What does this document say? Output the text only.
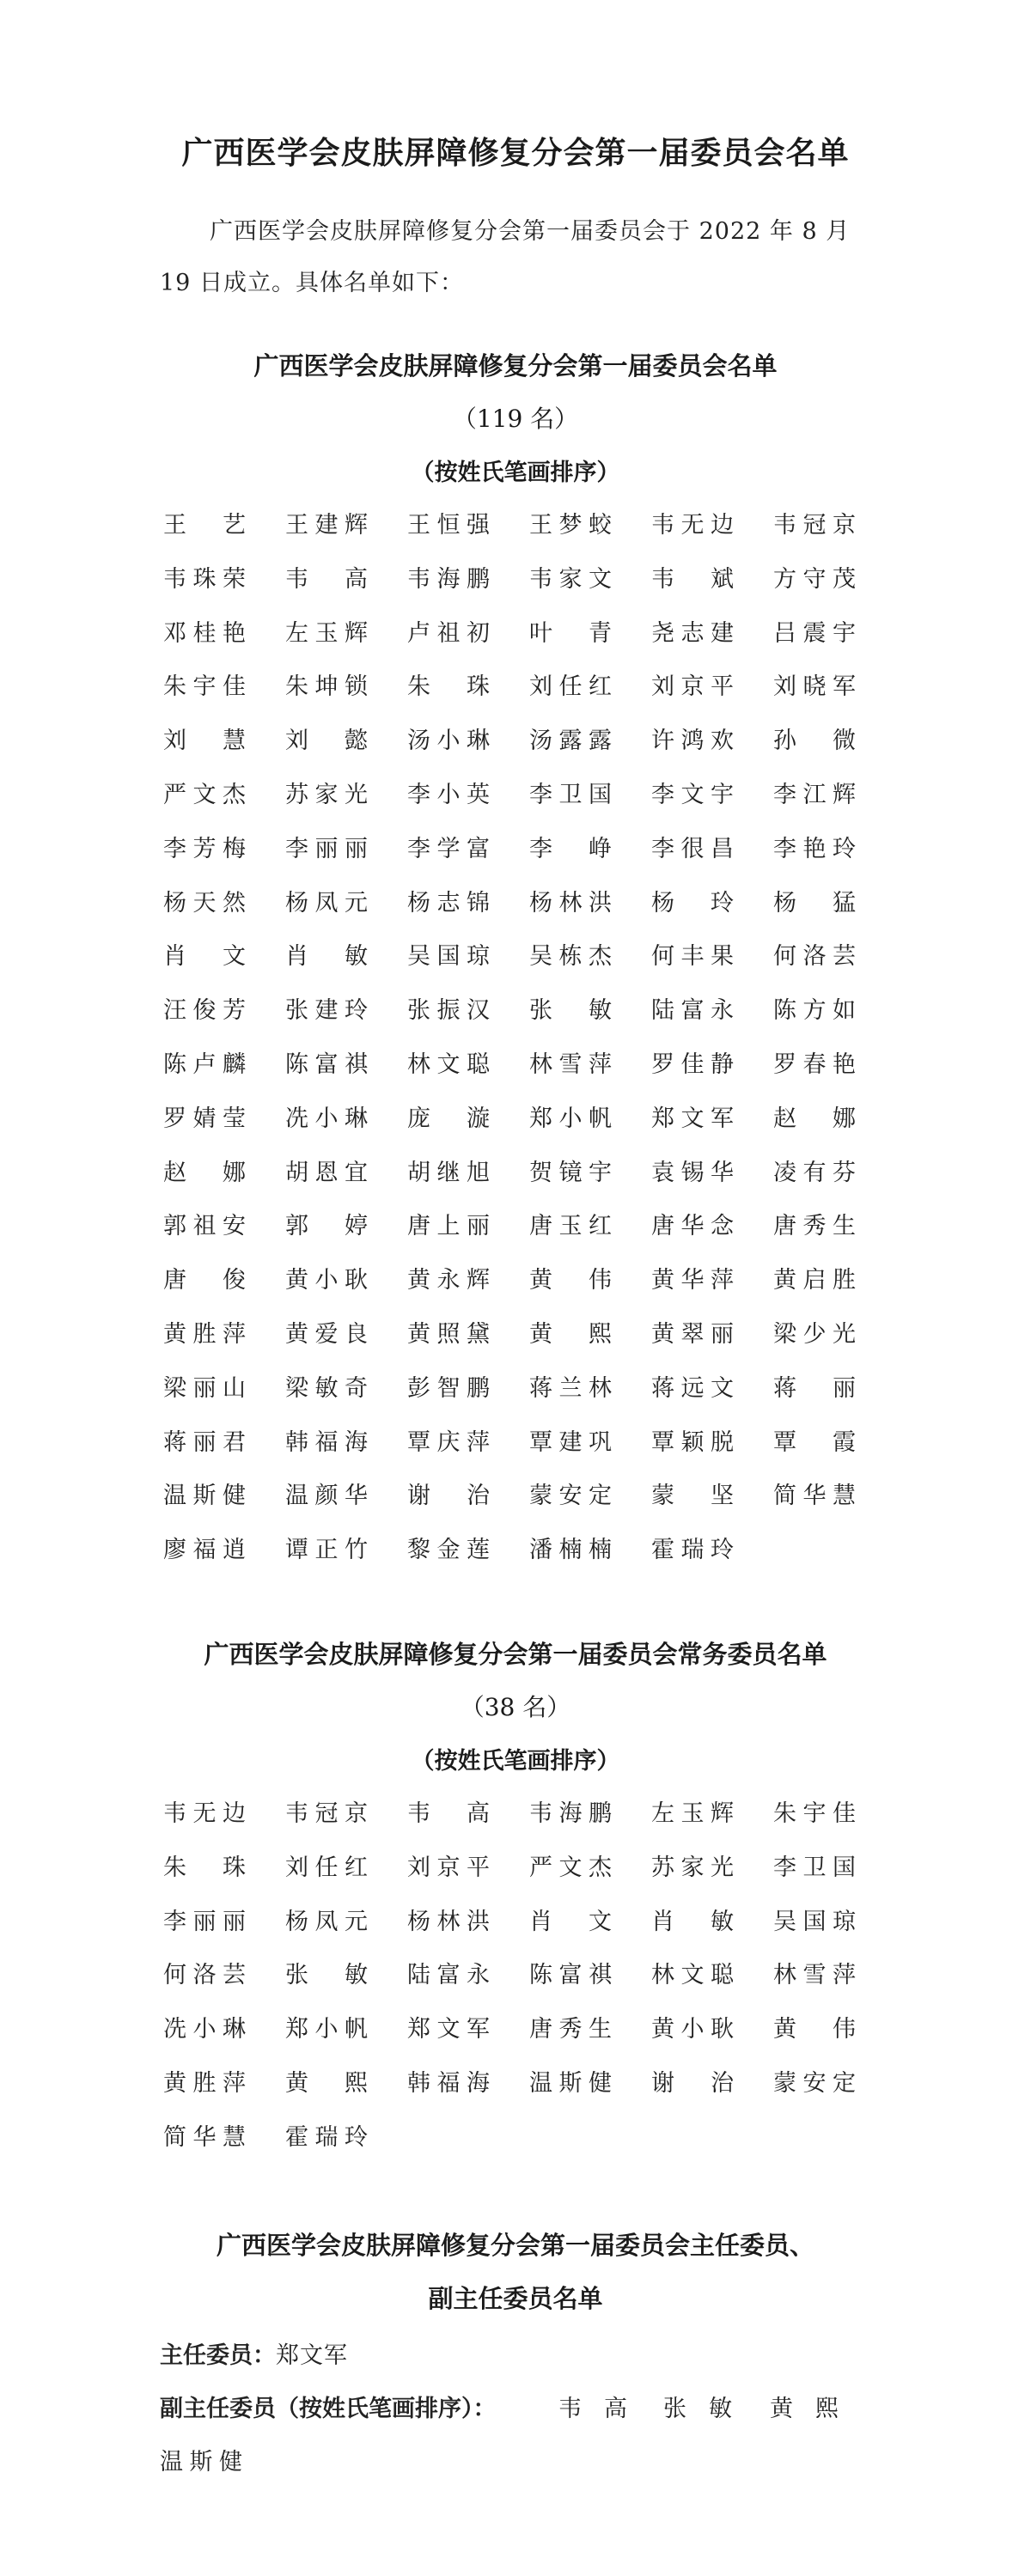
广西医学会皮肤屏障修复分会第一届委员会名单
广西医学会皮肤屏障修复分会第一届委员会于 2022 年 8 月 19 日成立。具体名单如下：
广西医学会皮肤屏障修复分会第一届委员会名单
（119 名）
（按姓氏笔画排序）
王 艺 王 建 辉 王 恒 强 王 梦 蛟 韦 无 边 韦 冠 京
韦 珠 荣 韦 高 韦 海 鹏 韦 家 文 韦 斌 方 守 茂
邓 桂 艳 左 玉 辉 卢 祖 初 叶 青 尧 志 建 吕 震 宇
朱 宇 佳 朱 坤 锁 朱 珠 刘 任 红 刘 京 平 刘 晓 军
刘 慧 刘 懿 汤 小 琳 汤 露 露 许 鸿 欢 孙 微
严 文 杰 苏 家 光 李 小 英 李 卫 国 李 文 宇 李 江 辉
李 芳 梅 李 丽 丽 李 学 富 李 峥 李 很 昌 李 艳 玲
杨 天 然 杨 凤 元 杨 志 锦 杨 林 洪 杨 玲 杨 猛
肖 文 肖 敏 吴 国 琼 吴 栋 杰 何 丰 果 何 洛 芸
汪 俊 芳 张 建 玲 张 振 汉 张 敏 陆 富 永 陈 方 如
陈 卢 麟 陈 富 祺 林 文 聪 林 雪 萍 罗 佳 静 罗 春 艳
罗 婧 莹 冼 小 琳 庞 漩 郑 小 帆 郑 文 军 赵 娜
赵 娜 胡 恩 宜 胡 继 旭 贺 镜 宇 袁 锡 华 凌 有 芬
郭 祖 安 郭 婷 唐 上 丽 唐 玉 红 唐 华 念 唐 秀 生
唐 俊 黄 小 耿 黄 永 辉 黄 伟 黄 华 萍 黄 启 胜
黄 胜 萍 黄 爱 良 黄 照 黛 黄 熙 黄 翠 丽 梁 少 光
梁 丽 山 梁 敏 奇 彭 智 鹏 蒋 兰 林 蒋 远 文 蒋 丽
蒋 丽 君 韩 福 海 覃 庆 萍 覃 建 巩 覃 颖 脱 覃 霞
温 斯 健 温 颜 华 谢 治 蒙 安 定 蒙 坚 简 华 慧
廖 福 逍 谭 正 竹 黎 金 莲 潘 楠 楠 霍 瑞 玲
广西医学会皮肤屏障修复分会第一届委员会常务委员名单
（38 名）
（按姓氏笔画排序）
韦 无 边 韦 冠 京 韦 高 韦 海 鹏 左 玉 辉 朱 宇 佳
朱 珠 刘 任 红 刘 京 平 严 文 杰 苏 家 光 李 卫 国
李 丽 丽 杨 凤 元 杨 林 洪 肖 文 肖 敏 吴 国 琼
何 洛 芸 张 敏 陆 富 永 陈 富 祺 林 文 聪 林 雪 萍
冼 小 琳 郑 小 帆 郑 文 军 唐 秀 生 黄 小 耿 黄 伟
黄 胜 萍 黄 熙 韩 福 海 温 斯 健 谢 治 蒙 安 定
简 华 慧 霍 瑞 玲
广西医学会皮肤屏障修复分会第一届委员会主任委员、
副主任委员名单
主任委员：郑文军
副主任委员（按姓氏笔画排序）：	韦 高 张 敏 黄 熙
温 斯 健
